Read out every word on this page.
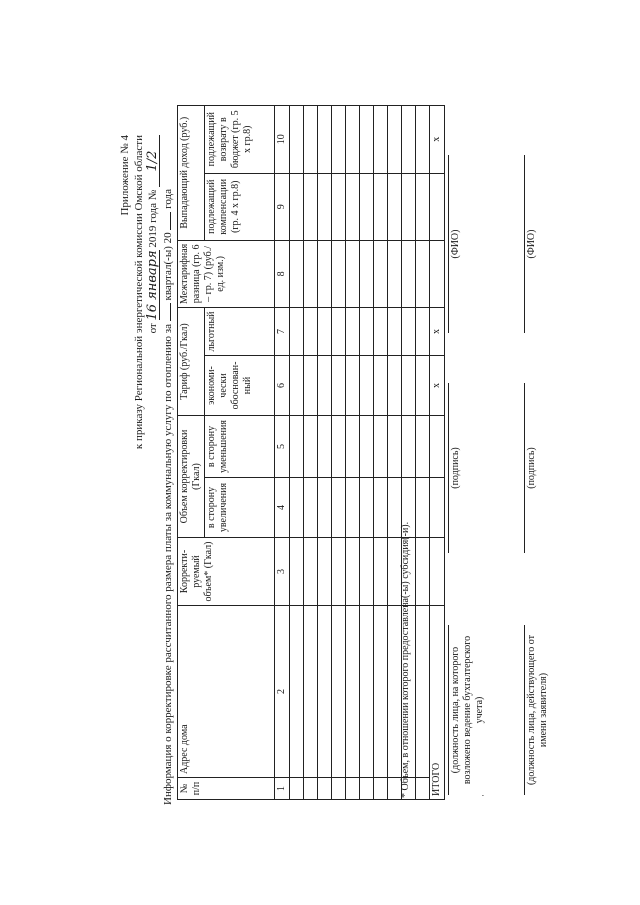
Приложение № 4 к приказу Региональной энергетической комиссии Омской области от 16 января 2019 года № 1/2
Информация о корректировке рассчитанного размера платы за коммунальную услугу по отоплению за  квартал(-ы) 20  года
№ п/п	Адрес дома	Корректи-руемый объем* (Гкал)	Объем корректировки (Гкал)		Тариф (руб./Гкал)		Межтарифная разница (гр. 6 – гр. 7) (руб./ед. изм.)	Выпадающий доход (руб.)	
			в сторону увеличения	в сторону уменьшения	экономи-чески обоснован-ный	льготный		подлежащий компенсации (гр. 4 х гр.8)	подлежащий возврату в бюджет (гр. 5 х гр.8)
1	2	3	4	5	6	7	8	9	10

ИТОГО					х	х			х
* Объем, в отношении которого предоставлена(-ы) субсидия(-и).	(должность лица, на которого возложено ведение бухгалтерского учета)
(подпись)
(ФИО)
·
(должность лица, действующего от имени заявителя)
(подпись)
(ФИО)
